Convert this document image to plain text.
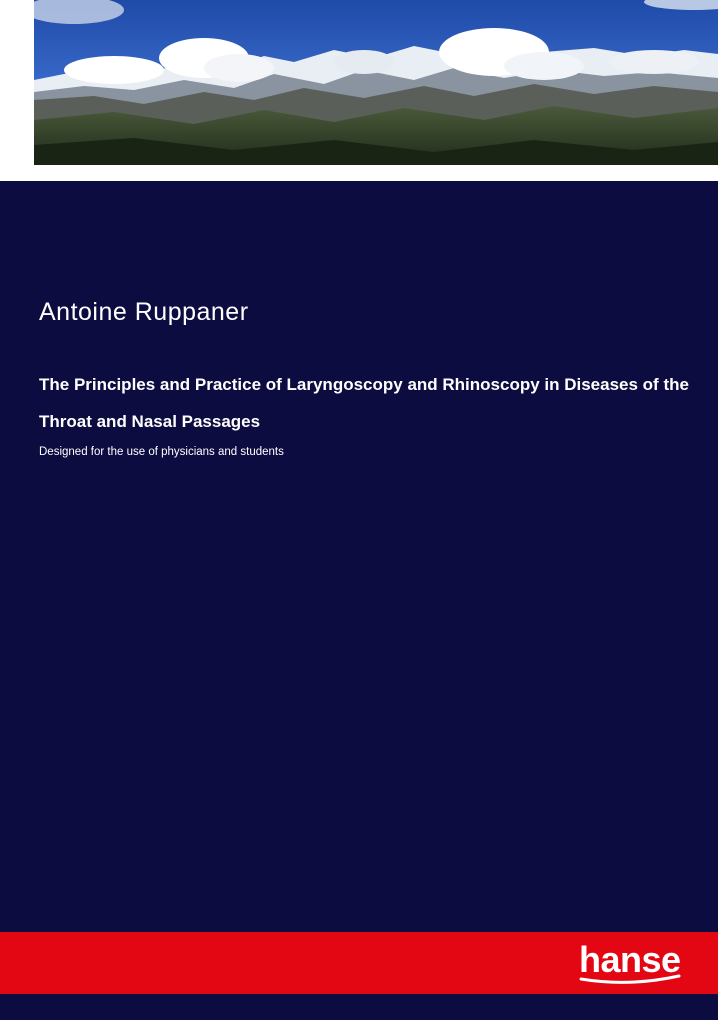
Antoine Ruppaner
The Principles and Practice of Laryngoscopy and Rhinoscopy in Diseases of the Throat and Nasal Passages
Designed for the use of physicians and students
hanse
